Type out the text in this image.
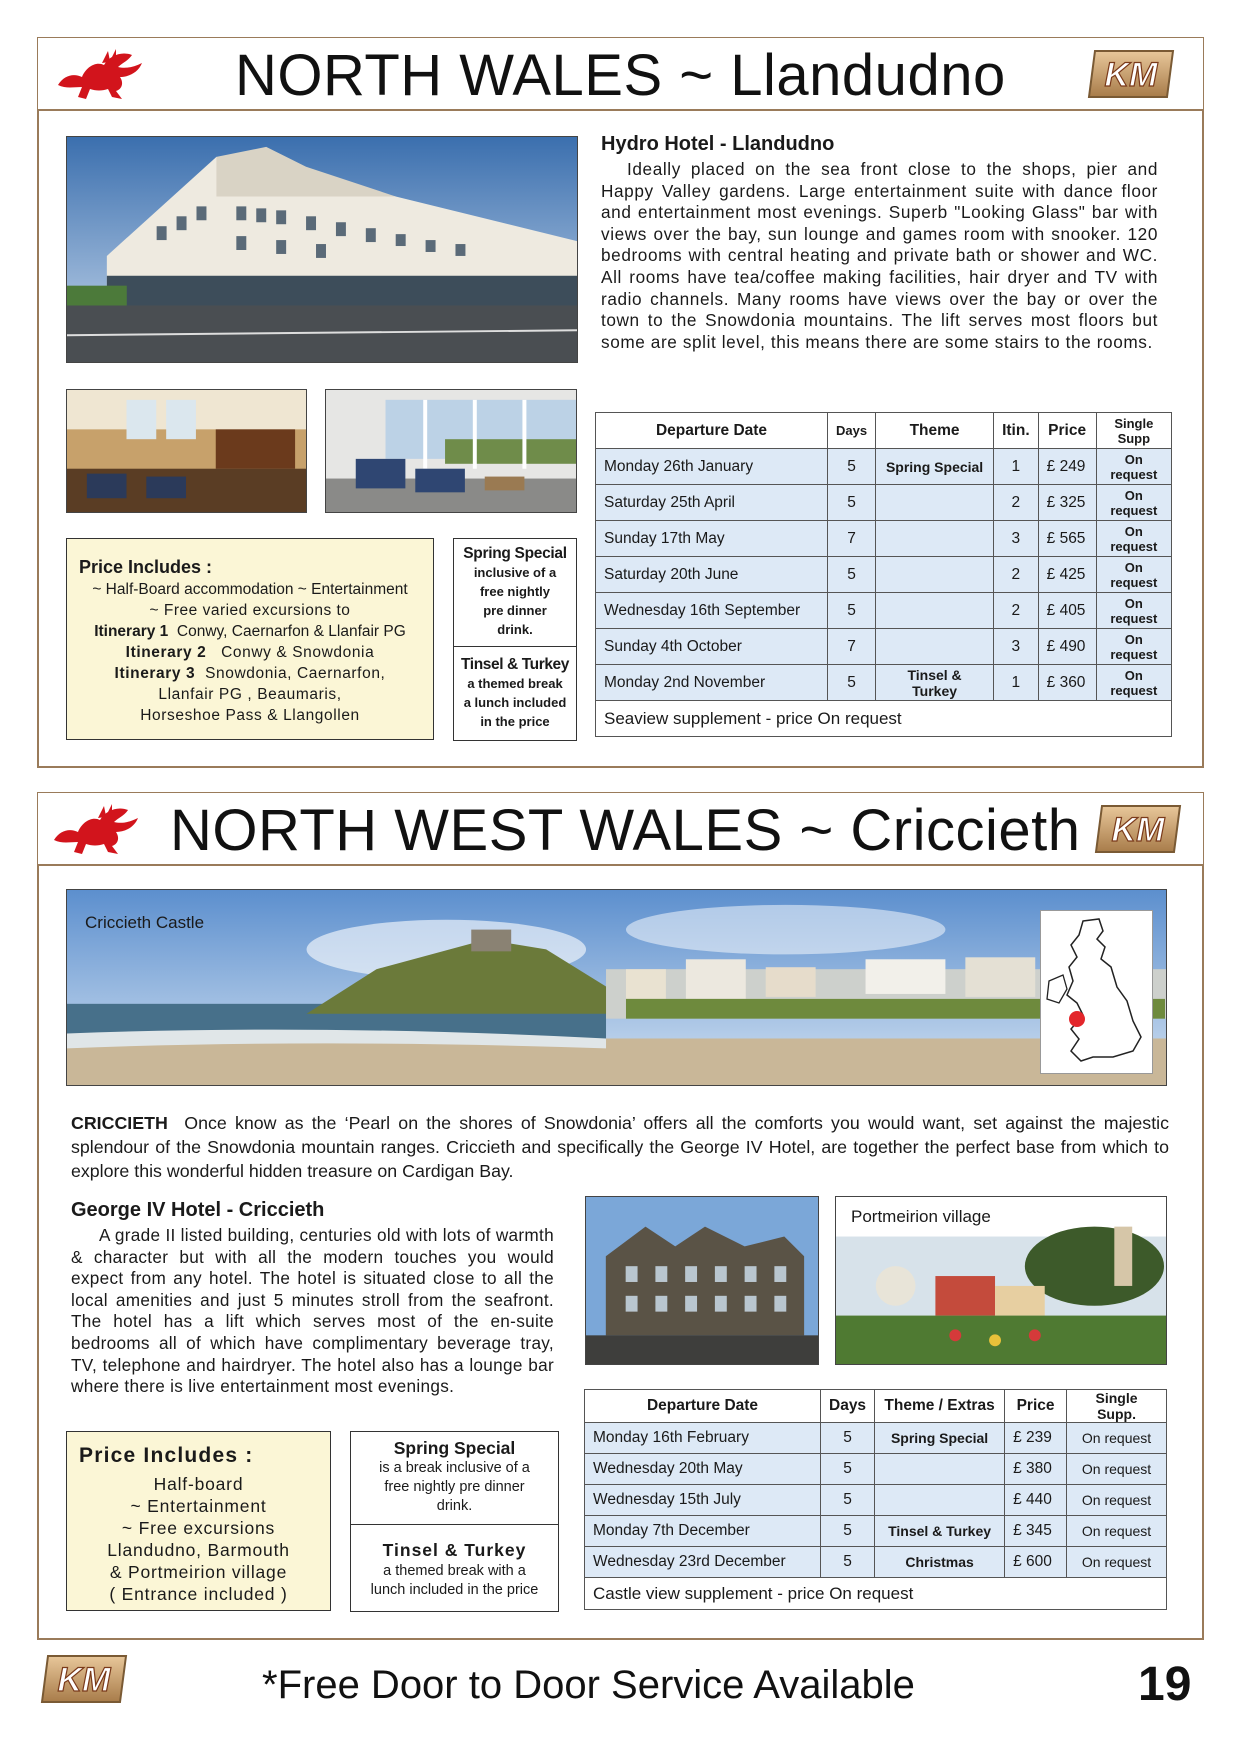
NORTH WALES ~ Llandudno	KM
Hydro Hotel - Llandudno
Ideally placed on the sea front close to the shops, pier and Happy Valley gardens. Large entertainment suite with dance floor and entertainment most evenings. Superb "Looking Glass" bar with views over the bay, sun lounge and games room with snooker. 120 bedrooms with central heating and private bath or shower and WC. All rooms have tea/coffee making facilities, hair dryer and TV with radio channels. Many rooms have views over the bay or over the town to the Snowdonia mountains. The lift serves most floors but some are split level, this means there are some stairs to the rooms.
Departure Date	Days	Theme	Itin.	Price	Single Supp
Monday 26th January	5	Spring Special	1	£ 249	On request
Saturday 25th April	5		2	£ 325	On request
Sunday 17th May	7		3	£ 565	On request
Saturday 20th June	5		2	£ 425	On request
Wednesday 16th September	5		2	£ 405	On request
Sunday 4th October	7		3	£ 490	On request
Monday 2nd November	5	Tinsel & Turkey	1	£ 360	On request
Seaview supplement - price On request					
Price Includes :
~ Half-Board accommodation ~ Entertainment
~ Free varied excursions to
Itinerary 1 Conwy, Caernarfon & Llanfair PG
Itinerary 2 Conwy & Snowdonia
Itinerary 3 Snowdonia, Caernarfon,
Llanfair PG , Beaumaris,
Horseshoe Pass & Llangollen
Spring Special
inclusive of a
free nightly
pre dinner
drink.
Tinsel & Turkey
a themed break
a lunch included
in the price
NORTH WEST WALES ~ Criccieth KM
Criccieth Castle
CRICCIETH Once know as the ‘Pearl on the shores of Snowdonia’ offers all the comforts you would want, set against the majestic splendour of the Snowdonia mountain ranges. Criccieth and specifically the George IV Hotel, are together the perfect base from which to explore this wonderful hidden treasure on Cardigan Bay.
George IV Hotel - Criccieth
A grade II listed building, centuries old with lots of warmth & character but with all the modern touches you would expect from any hotel. The hotel is situated close to all the local amenities and just 5 minutes stroll from the seafront. The hotel has a lift which serves most of the en-suite bedrooms all of which have complimentary beverage tray, TV, telephone and hairdryer. The hotel also has a lounge bar where there is live entertainment most evenings.
Portmeirion village
Departure Date	Days	Theme / Extras	Price	Single Supp.
Monday 16th February	5	Spring Special	£ 239	On request
Wednesday 20th May	5		£ 380	On request
Wednesday 15th July	5		£ 440	On request
Monday 7th December	5	Tinsel & Turkey	£ 345	On request
Wednesday 23rd December	5	Christmas	£ 600	On request
Castle view supplement - price On request				
Price Includes :
Half-board
~ Entertainment
~ Free excursions
Llandudno, Barmouth
& Portmeirion village
( Entrance included )
Spring Special
is a break inclusive of a
free nightly pre dinner
drink.
Tinsel & Turkey
a themed break with a
lunch included in the price
KM	*Free Door to Door Service Available	19
